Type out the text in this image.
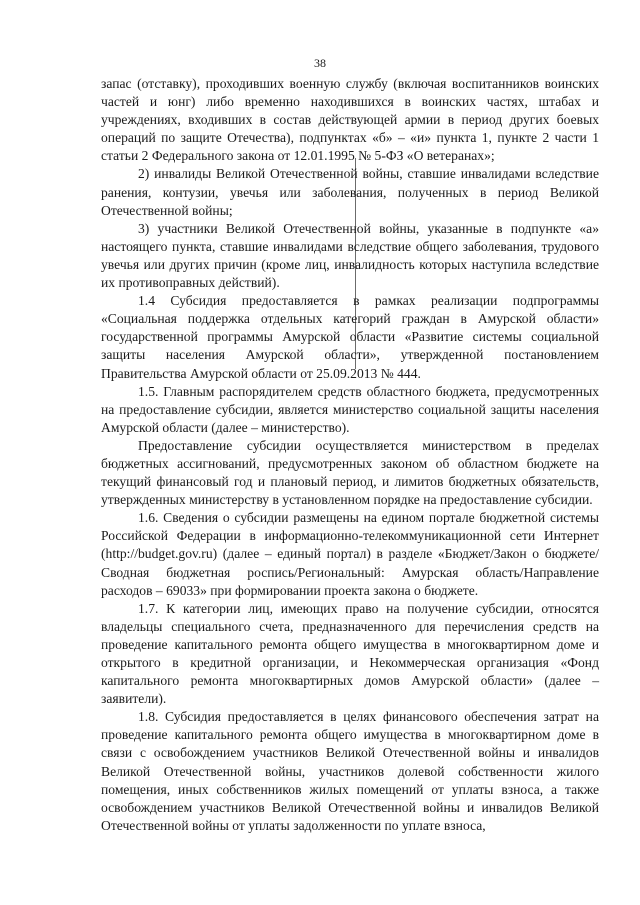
38

запас (отставку), проходивших военную службу (включая воспитанников воинских частей и юнг) либо временно находившихся в воинских частях, штабах и учреждениях, входивших в состав действующей армии в период других боевых операций по защите Отечества), подпунктах «б» – «и» пункта 1, пункте 2 части 1 статьи 2 Федерального закона от 12.01.1995 № 5-ФЗ «О ветеранах»;

2) инвалиды Великой Отечественной войны, ставшие инвалидами вследствие ранения, контузии, увечья или заболевания, полученных в период Великой Отечественной войны;

3) участники Великой Отечественной войны, указанные в подпункте «а» настоящего пункта, ставшие инвалидами вследствие общего заболевания, трудового увечья или других причин (кроме лиц, инвалидность которых наступила вследствие их противоправных действий).

1.4 Субсидия предоставляется в рамках реализации подпрограммы «Социальная поддержка отдельных категорий граждан в Амурской области» государственной программы Амурской области «Развитие системы социальной защиты населения Амурской области», утвержденной постановлением Правительства Амурской области от 25.09.2013 № 444.

1.5. Главным распорядителем средств областного бюджета, предусмотренных на предоставление субсидии, является министерство социальной защиты населения Амурской области (далее – министерство).

Предоставление субсидии осуществляется министерством в пределах бюджетных ассигнований, предусмотренных законом об областном бюджете на текущий финансовый год и плановый период, и лимитов бюджетных обязательств, утвержденных министерству в установленном порядке на предоставление субсидии.

1.6. Сведения о субсидии размещены на едином портале бюджетной системы Российской Федерации в информационно-телекоммуникационной сети Интернет (http://budget.gov.ru) (далее – единый портал) в разделе «Бюджет/Закон о бюджете/Сводная бюджетная роспись/Региональный: Амурская область/Направление расходов – 69033» при формировании проекта закона о бюджете.

1.7. К категории лиц, имеющих право на получение субсидии, относятся владельцы специального счета, предназначенного для перечисления средств на проведение капитального ремонта общего имущества в многоквартирном доме и открытого в кредитной организации, и Некоммерческая организация «Фонд капитального ремонта многоквартирных домов Амурской области» (далее – заявители).

1.8. Субсидия предоставляется в целях финансового обеспечения затрат на проведение капитального ремонта общего имущества в многоквартирном доме в связи с освобождением участников Великой Отечественной войны и инвалидов Великой Отечественной войны, участников долевой собственности жилого помещения, иных собственников жилых помещений от уплаты взноса, а также освобождением участников Великой Отечественной войны и инвалидов Великой Отечественной войны от уплаты задолженности по уплате взноса,
